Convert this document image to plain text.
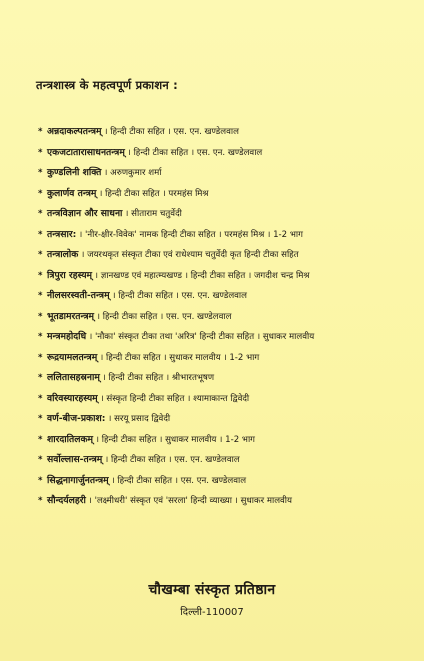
तन्त्रशास्त्र के महत्वपूर्ण प्रकाशन :
* अन्नदाकल्पतन्त्रम् । हिन्दी टीका सहित । एस. एन. खण्डेलवाल
* एकजटातारासाधनतन्त्रम् । हिन्दी टीका सहित । एस. एन. खण्डेलवाल
* कुण्डलिनी शक्ति । अरुणकुमार शर्मा
* कुलार्णव तन्त्रम् । हिन्दी टीका सहित । परमहंस मिश्र
* तन्त्रविज्ञान और साधना । सीताराम चतुर्वेदी
* तन्त्रसार: । 'नीर-क्षीर-विवेक' नामक हिन्दी टीका सहित । परमहंस मिश्र । 1-2 भाग
* तन्त्रालोक । जयरथकृत संस्कृत टीका एवं राधेश्याम चतुर्वेदी कृत हिन्दी टीका सहित
* त्रिपुरा रहस्यम् । ज्ञानखण्ड एवं महात्म्यखण्ड । हिन्दी टीका सहित । जगदीश चन्द्र मिश्र
* नीलसरस्वती-तन्त्रम् । हिन्दी टीका सहित । एस. एन. खण्डेलवाल
* भूतडामरतन्त्रम् । हिन्दी टीका सहित । एस. एन. खण्डेलवाल
* मन्त्रमहोदधि । 'नौका' संस्कृत टीका तथा 'अरित्र' हिन्दी टीका सहित । सुधाकर मालवीय
* रूद्रयामलतन्त्रम् । हिन्दी टीका सहित । सुधाकर मालवीय । 1-2 भाग
* ललितासहस्रनाम् । हिन्दी टीका सहित । श्रीभारतभूषण
* वरिवस्यारहस्यम् । संस्कृत हिन्दी टीका सहित । श्यामाकान्त द्विवेदी
* वर्ण-बीज-प्रकाश: । सरयू प्रसाद द्विवेदी
* शारदातिलकम् । हिन्दी टीका सहित । सुधाकर मालवीय । 1-2 भाग
* सर्वोल्लास-तन्त्रम् । हिन्दी टीका सहित । एस. एन. खण्डेलवाल
* सिद्धनागार्जुनतन्त्रम् । हिन्दी टीका सहित । एस. एन. खण्डेलवाल
* सौन्दर्यलहरी । 'लक्ष्मीधरी' संस्कृत एवं 'सरला' हिन्दी व्याख्या । सुधाकर मालवीय
चौखम्बा संस्कृत प्रतिष्ठान
दिल्ली-110007
